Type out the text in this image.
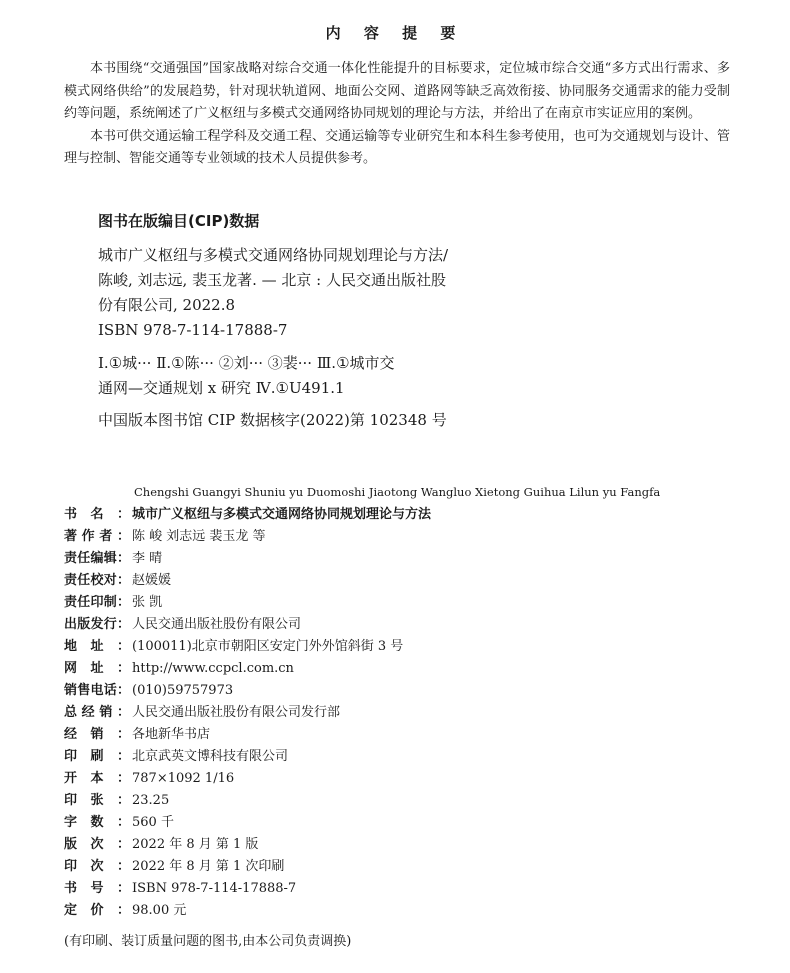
内 容 提 要

本书围绕“交通强国”国家战略对综合交通一体化性能提升的目标要求，定位城市综合交通“多方式出行需求、多模式网络供给”的发展趋势，针对现状轨道网、地面公交网、道路网等缺乏高效衔接、协同服务交通需求的能力受制约等问题，系统阐述了广义枢纽与多模式交通网络协同规划的理论与方法，并给出了在南京市实证应用的案例。

本书可供交通运输工程学科及交通工程、交通运输等专业研究生和本科生参考使用，也可为交通规划与设计、管理与控制、智能交通等专业领域的技术人员提供参考。

图书在版编目(CIP)数据

城市广义枢纽与多模式交通网络协同规划理论与方法/

陈峻, 刘志远, 裴玉龙著. — 北京 : 人民交通出版社股

份有限公司, 2022.8

ISBN 978-7-114-17888-7

Ⅰ.①城··· Ⅱ.①陈··· ②刘··· ③裴··· Ⅲ.①城市交

通网—交通规划 x 研究 Ⅳ.①U491.1

中国版本图书馆 CIP 数据核字(2022)第 102348 号

Chengshi Guangyi Shuniu yu Duomoshi Jiaotong Wangluo Xietong Guihua Lilun yu Fangfa
书 名 ： 城市广义枢纽与多模式交通网络协同规划理论与方法
著 作 者 ： 陈 峻 刘志远 裴玉龙 等
责 任 编 辑 ： 李 晴
责 任 校 对 ： 赵媛媛
责 任 印 制 ： 张 凯
出 版 发 行 ： 人民交通出版社股份有限公司
地 址 ： (100011)北京市朝阳区安定门外外馆斜街 3 号
网 址 ： http://www.ccpcl.com.cn
销 售 电 话 ： (010)59757973
总 经 销 ： 人民交通出版社股份有限公司发行部
经 销 ： 各地新华书店
印 刷 ： 北京武英文博科技有限公司
开 本 ： 787×1092 1/16
印 张 ： 23.25
字 数 ： 560 千
版 次 ： 2022 年 8 月 第 1 版
印 次 ： 2022 年 8 月 第 1 次印刷
书 号 ： ISBN 978-7-114-17888-7
定 价 ： 98.00 元
(有印刷、装订质量问题的图书,由本公司负责调换)
